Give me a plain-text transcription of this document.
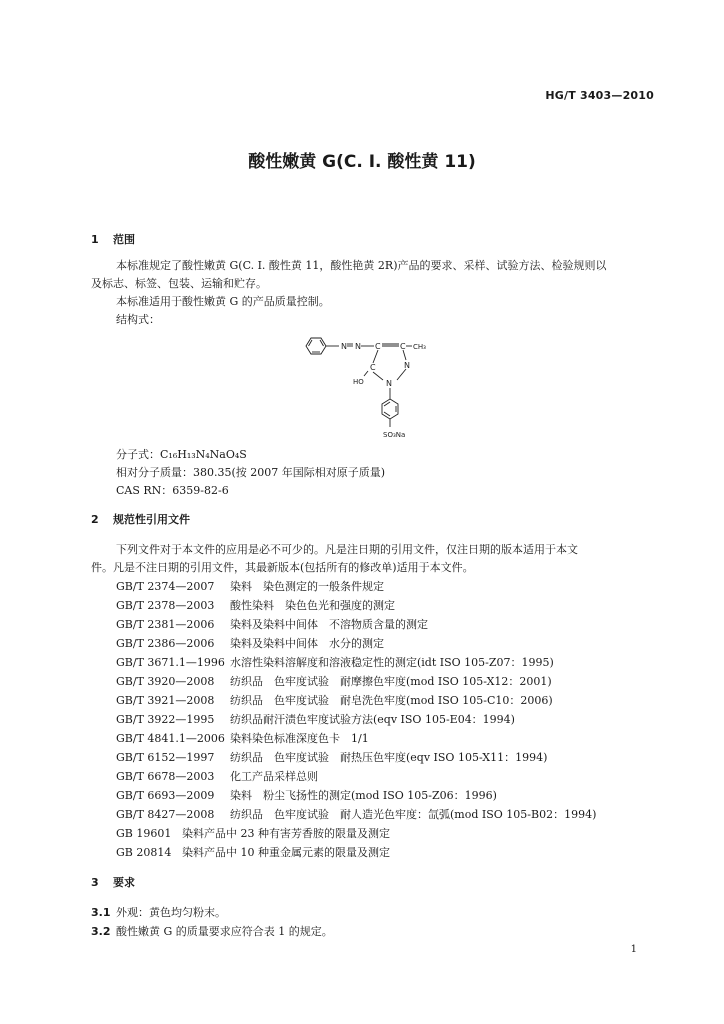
HG/T 3403—2010
酸性嫩黄 G(C. I. 酸性黄 11)
1 范围
本标准规定了酸性嫩黄 G(C. I. 酸性黄 11，酸性艳黄 2R)产品的要求、采样、试验方法、检验规则以
及标志、标签、包装、运输和贮存。
本标准适用于酸性嫩黄 G 的产品质量控制。
结构式：
N N C C CH₃
C	N
HO	N
SO₃Na
分子式：C₁₆H₁₃N₄NaO₄S
相对分子质量：380.35(按 2007 年国际相对原子质量)
CAS RN：6359-82-6
2 规范性引用文件
下列文件对于本文件的应用是必不可少的。凡是注日期的引用文件，仅注日期的版本适用于本文
件。凡是不注日期的引用文件，其最新版本(包括所有的修改单)适用于本文件。
GB/T 2374—2007 染料　染色测定的一般条件规定
GB/T 2378—2003 酸性染料　染色色光和强度的测定
GB/T 2381—2006 染料及染料中间体　不溶物质含量的测定
GB/T 2386—2006 染料及染料中间体　水分的测定
GB/T 3671.1—1996 水溶性染料溶解度和溶液稳定性的测定(idt ISO 105-Z07：1995)
GB/T 3920—2008 纺织品　色牢度试验　耐摩擦色牢度(mod ISO 105-X12：2001)
GB/T 3921—2008 纺织品　色牢度试验　耐皂洗色牢度(mod ISO 105-C10：2006)
GB/T 3922—1995 纺织品耐汗渍色牢度试验方法(eqv ISO 105-E04：1994)
GB/T 4841.1—2006 染料染色标准深度色卡　1/1
GB/T 6152—1997 纺织品　色牢度试验　耐热压色牢度(eqv ISO 105-X11：1994)
GB/T 6678—2003 化工产品采样总则
GB/T 6693—2009 染料　粉尘飞扬性的测定(mod ISO 105-Z06：1996)
GB/T 8427—2008 纺织品　色牢度试验　耐人造光色牢度：氙弧(mod ISO 105-B02：1994)
GB 19601 染料产品中 23 种有害芳香胺的限量及测定
GB 20814 染料产品中 10 种重金属元素的限量及测定
3 要求
3.1 外观：黄色均匀粉末。
3.2 酸性嫩黄 G 的质量要求应符合表 1 的规定。
1
